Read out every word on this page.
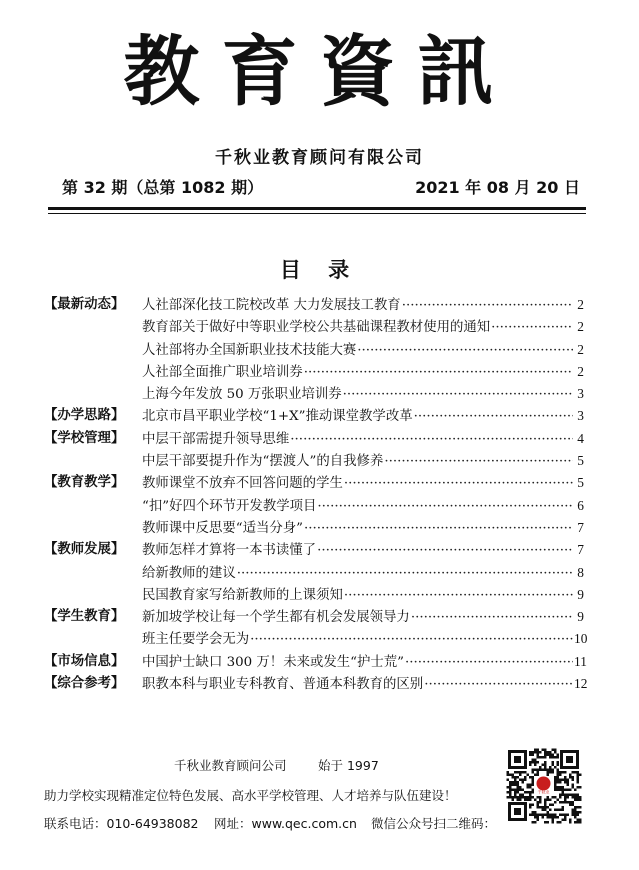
教育資訊
千秋业教育顾问有限公司
第 32 期（总第 1082 期）	2021 年 08 月 20 日
目 录
【最新动态】	人社部深化技工院校改革 大力发展技工教育 ·····	2
教育部关于做好中等职业学校公共基础课程教材使用的通知 ·····	2
人社部将办全国新职业技术技能大赛 ·····	2
人社部全面推广职业培训券 ·····	2
上海今年发放 50 万张职业培训券 ·····	3
【办学思路】	北京市昌平职业学校“1+X”推动课堂教学改革 ·····	3
【学校管理】	中层干部需提升领导思维 ·····	4
中层干部要提升作为“摆渡人”的自我修养 ·····	5
【教育教学】	教师课堂不放弃不回答问题的学生 ·····	5
“扣”好四个环节开发教学项目 ·····	6
教师课中反思要“适当分身” ·····	7
【教师发展】	教师怎样才算将一本书读懂了 ·····	7
给新教师的建议 ·····	8
民国教育家写给新教师的上课须知 ·····	9
【学生教育】	新加坡学校让每一个学生都有机会发展领导力 ·····	9
班主任要学会无为 ·····	10
【市场信息】	中国护士缺口 300 万！未来或发生“护士荒” ·····	11
【综合参考】	职教本科与职业专科教育、普通本科教育的区别 ·····	12
千秋业教育顾问公司	始于 1997
助力学校实现精准定位特色发展、高水平学校管理、人才培养与队伍建设！
联系电话：010-64938082 网址：www.qec.com.cn 微信公众号扫二维码：
千秋业
